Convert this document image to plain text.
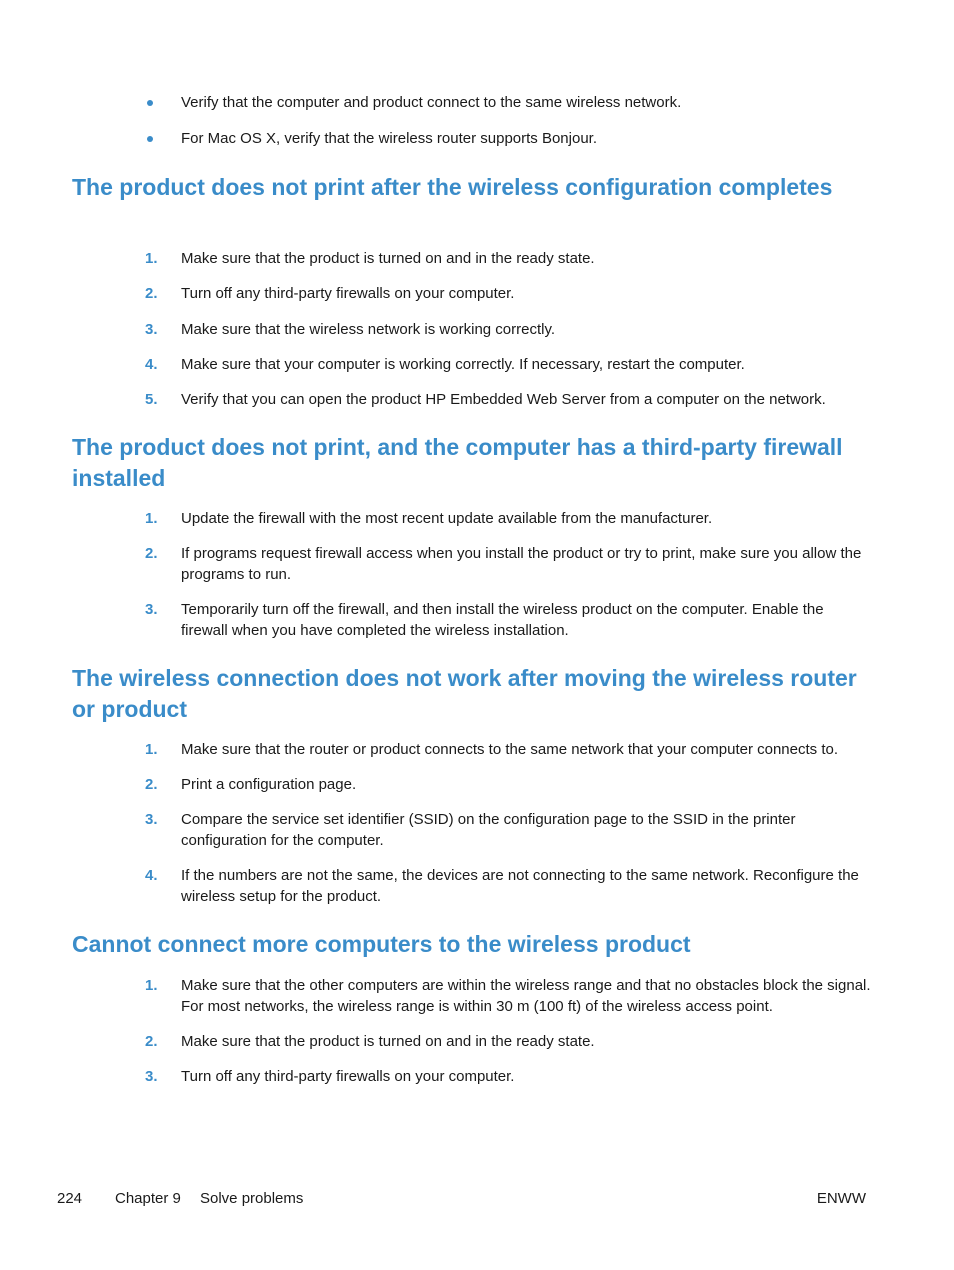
Verify that the computer and product connect to the same wireless network.
For Mac OS X, verify that the wireless router supports Bonjour.
The product does not print after the wireless configuration completes
1. Make sure that the product is turned on and in the ready state.
2. Turn off any third-party firewalls on your computer.
3. Make sure that the wireless network is working correctly.
4. Make sure that your computer is working correctly. If necessary, restart the computer.
5. Verify that you can open the product HP Embedded Web Server from a computer on the network.
The product does not print, and the computer has a third-party firewall installed
1. Update the firewall with the most recent update available from the manufacturer.
2. If programs request firewall access when you install the product or try to print, make sure you allow the programs to run.
3. Temporarily turn off the firewall, and then install the wireless product on the computer. Enable the firewall when you have completed the wireless installation.
The wireless connection does not work after moving the wireless router or product
1. Make sure that the router or product connects to the same network that your computer connects to.
2. Print a configuration page.
3. Compare the service set identifier (SSID) on the configuration page to the SSID in the printer configuration for the computer.
4. If the numbers are not the same, the devices are not connecting to the same network. Reconfigure the wireless setup for the product.
Cannot connect more computers to the wireless product
1. Make sure that the other computers are within the wireless range and that no obstacles block the signal. For most networks, the wireless range is within 30 m (100 ft) of the wireless access point.
2. Make sure that the product is turned on and in the ready state.
3. Turn off any third-party firewalls on your computer.
224 Chapter 9 Solve problems	ENWW
